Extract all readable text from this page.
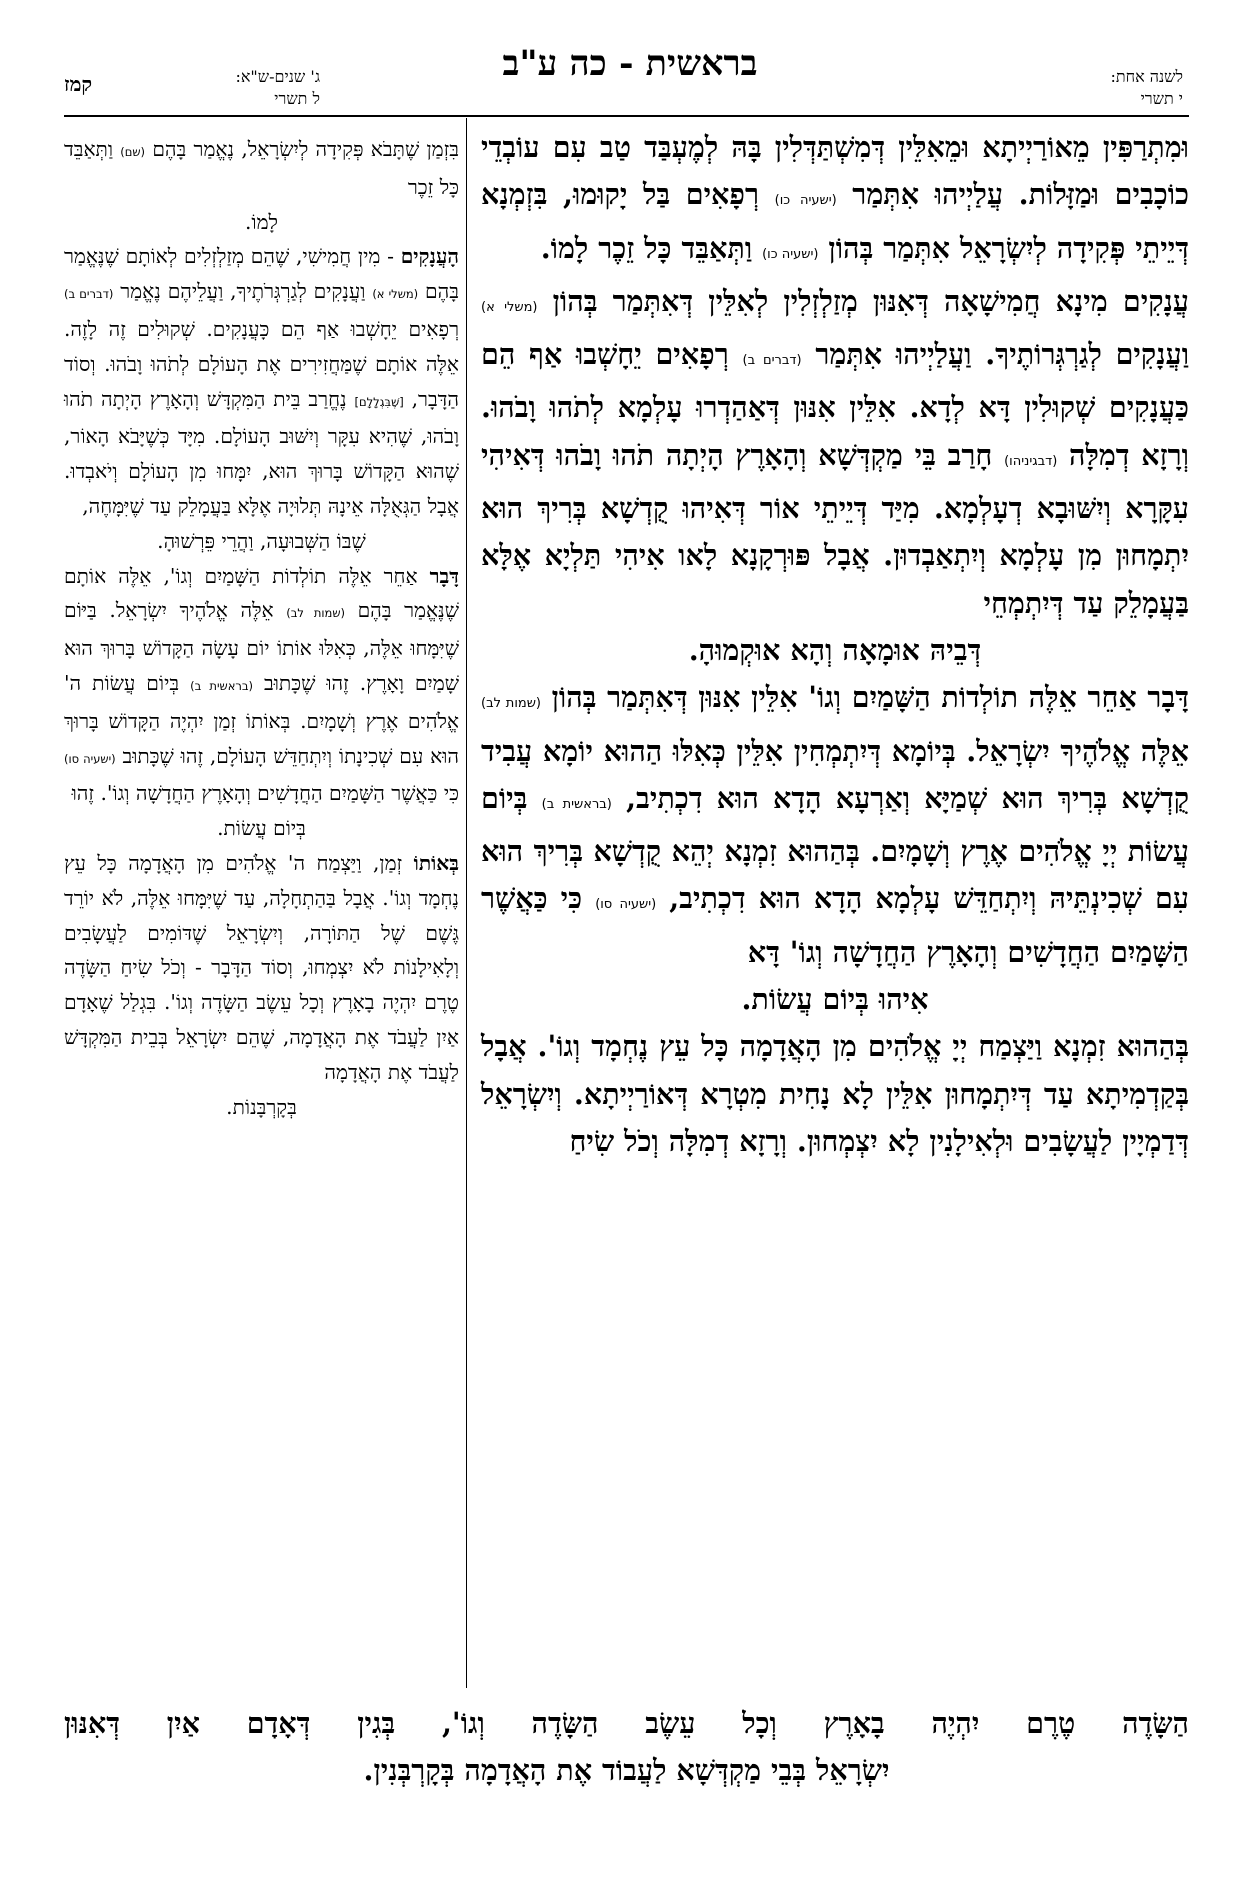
לשנה אחת:
י תשרי
בראשית - כה ע"ב
ג' שנים-ש"א:
ל תשרי
קמז

וּמִתְרַפִּין מֵאוֹרַיְיתָא וּמֵאִלֵּין דְּמִשְׁתַּדְּלִין בָּהּ לְמֶעְבַּד טַב עִם עוֹבְדֵי כוֹכָבִים וּמַזָּלוֹת. עֲלַיְיהוּ אִתְּמַר (ישעיה כו) רְפָאִים בַּל יָקוּמוּ, בִּזְמְנָא דְּיֵיתֵי פְּקִידָה לְיִשְׂרָאֵל אִתְּמַר בְּהוֹן (ישעיה כו) וַתְּאַבֵּד כָּל זֵכֶר לָמוֹ.

עֲנָקִים מִינָא חֲמִישָׁאָה דְּאִנּוּן מְזַלְזְלִין לְאִלֵּין דְּאִתְּמַר בְּהוֹן (משלי א) וַעֲנָקִים לְגַרְגְּרוֹתֶיךָ. וַעֲלַיְיהוּ אִתְּמַר (דברים ב) רְפָאִים יֵחָשְׁבוּ אַף הֵם כַּעֲנָקִים שְׁקוּלִין דָּא לְדָא. אִלֵּין אִנּוּן דְּאַהַדְרוּ עָלְמָא לְתֹהוּ וָבֹהוּ. וְרָזָא דְמִלָּה (דבגיניהו) חָרַב בֵּי מַקְדְּשָׁא וְהָאָרֶץ הָיְתָה תֹהוּ וָבֹהוּ דְּאִיהִי עִקָּרָא וְיִשּׁוּבָא דְעָלְמָא. מִיַּד דְּיֵיתֵי אוֹר דְּאִיהוּ קֻדְשָׁא בְּרִיךְ הוּא יִתְמָחוּן מִן עָלְמָא וְיִתְאַבְדוּן. אֲבָל פּוּרְקָנָא לָאו אִיהִי תַּלְיָא אֶלָּא בַּעֲמָלֵק עַד דְּיִתְמְחֵי

דְּבֵיהּ אוּמָאָה וְהָא אוּקְמוּהָ.

דָּבָר אַחֵר אֵלֶּה תוֹלְדוֹת הַשָּׁמַיִם וְגוֹ' אִלֵּין אִנּוּן דְּאִתְּמַר בְּהוֹן (שמות לב) אֵלֶּה אֱלֹהֶיךָ יִשְׂרָאֵל. בְּיוֹמָא דְּיִתְמְחִין אִלֵּין כְּאִלּוּ הַהוּא יוֹמָא עֲבִיד קֻדְשָׁא בְּרִיךְ הוּא שְׁמַיָּא וְאַרְעָא הָדָא הוּא דִכְתִיב, (בראשית ב) בְּיוֹם עֲשׂוֹת יְיָ אֱלֹהִים אֶרֶץ וְשָׁמָיִם. בְּהַהוּא זִמְנָא יְהֵא קֻדְשָׁא בְּרִיךְ הוּא עִם שְׁכִינְתֵּיהּ וְיִתְחַדֵּשׁ עָלְמָא הָדָא הוּא דִכְתִיב, (ישעיה סו) כִּי כַּאֲשֶׁר הַשָּׁמַיִם הַחֲדָשִׁים וְהָאָרֶץ הַחֲדָשָׁה וְגוֹ' דָּא

אִיהוּ בְּיוֹם עֲשׂוֹת.

בְּהַהוּא זִמְנָא וַיַּצְמַח יְיָ אֱלֹהִים מִן הָאֲדָמָה כָּל עֵץ נֶחְמָד וְגוֹ'. אֲבָל בְּקַדְמִיתָא עַד דְּיִתְמָחוּן אִלֵּין לָא נָחִית מִטְרָא דְּאוֹרַיְיתָא. וְיִשְׂרָאֵל דְּדַמְיָין לַעֲשָׂבִים וּלְאִילָנִין לָא יִצְמְחוּן. וְרָזָא דְמִלָּה וְכֹל שִׂיחַ

בִּזְמַן שֶׁתָּבֹא פְּקִידָה לְיִשְׂרָאֵל, נֶאֱמַר בָּהֶם (שם) וַתְּאַבֵּד כָּל זֵכֶר

לָמוֹ.

הָעֲנָקִים - מִין חֲמִישִׁי, שֶׁהֵם מְזַלְזְלִים לְאוֹתָם שֶׁנֶּאֱמַר בָּהֶם (משלי א) וַעֲנָקִים לְגַרְגְּרֹתֶיךָ, וַעֲלֵיהֶם נֶאֱמַר (דברים ב) רְפָאִים יֵחָשְׁבוּ אַף הֵם כָּעֲנָקִים. שְׁקוּלִים זֶה לָזֶה. אֵלֶּה אוֹתָם שֶׁמַּחֲזִירִים אֶת הָעוֹלָם לְתֹהוּ וָבֹהוּ. וְסוֹד הַדָּבָר, [שֶׁבִּגְלָלָם] נֶחֱרַב בֵּית הַמִּקְדָּשׁ וְהָאָרֶץ הָיְתָה תֹהוּ וָבֹהוּ, שֶׁהִיא עִקָּר וְיִשּׁוּב הָעוֹלָם. מִיָּד כְּשֶׁיָּבֹא הָאוֹר, שֶׁהוּא הַקָּדוֹשׁ בָּרוּךְ הוּא, יִמָּחוּ מִן הָעוֹלָם וְיֹאבְדוּ. אֲבָל הַגְּאֻלָּה אֵינָהּ תְּלוּיָה אֶלָּא בַּעֲמָלֵק עַד שֶׁיִּמָּחֶה,

שֶׁבּוֹ הַשְּׁבוּעָה, וַהֲרֵי פֵּרְשׁוּהָ.

דָּבָר אַחֵר אֵלֶּה תוֹלְדוֹת הַשָּׁמַיִם וְגוֹ', אֵלֶּה אוֹתָם שֶׁנֶּאֱמַר בָּהֶם (שמות לב) אֵלֶּה אֱלֹהֶיךָ יִשְׂרָאֵל. בַּיּוֹם שֶׁיִּמָּחוּ אֵלֶּה, כְּאִלּוּ אוֹתוֹ יוֹם עָשָׂה הַקָּדוֹשׁ בָּרוּךְ הוּא שָׁמַיִם וָאָרֶץ. זֶהוּ שֶׁכָּתוּב (בראשית ב) בְּיוֹם עֲשׂוֹת ה' אֱלֹהִים אֶרֶץ וְשָׁמָיִם. בְּאוֹתוֹ זְמַן יִהְיֶה הַקָּדוֹשׁ בָּרוּךְ הוּא עִם שְׁכִינָתוֹ וְיִתְחַדֵּשׁ הָעוֹלָם, זֶהוּ שֶׁכָּתוּב (ישעיה סו) כִּי כַּאֲשֶׁר הַשָּׁמַיִם הַחֲדָשִׁים וְהָאָרֶץ הַחֲדָשָׁה וְגוֹ'. זֶהוּ

בְּיוֹם עֲשׂוֹת.

בְּאוֹתוֹ זְמַן, וַיַּצְמַח ה' אֱלֹהִים מִן הָאֲדָמָה כָּל עֵץ נֶחְמָד וְגוֹ'. אֲבָל בַּהַתְחָלָה, עַד שֶׁיִּמָּחוּ אֵלֶּה, לֹא יוֹרֵד גֶּשֶׁם שֶׁל הַתּוֹרָה, וְיִשְׂרָאֵל שֶׁדּוֹמִים לַעֲשָׂבִים וְלָאִילָנוֹת לֹא יִצְמְחוּ, וְסוֹד הַדָּבָר - וְכֹל שִׂיחַ הַשָּׂדֶה טֶרֶם יִהְיֶה בָאָרֶץ וְכָל עֵשֶׂב הַשָּׂדֶה וְגוֹ'. בִּגְלַל שֶׁאָדָם אַיִן לַעֲבֹד אֶת הָאֲדָמָה, שֶׁהֵם יִשְׂרָאֵל בְּבֵית הַמִּקְדָּשׁ לַעֲבֹד אֶת הָאֲדָמָה

בְּקָרְבָּנוֹת.

הַשָּׂדֶה טֶרֶם יִהְיֶה בָאָרֶץ וְכָל עֵשֶׂב הַשָּׂדֶה וְגוֹ', בְּגִין דְּאָדָם אַיִן דְּאִנּוּן

יִשְׂרָאֵל בְּבֵי מַקְדְּשָׁא לַעֲבוֹד אֶת הָאֲדָמָה בְּקָרְבְּנִין.
